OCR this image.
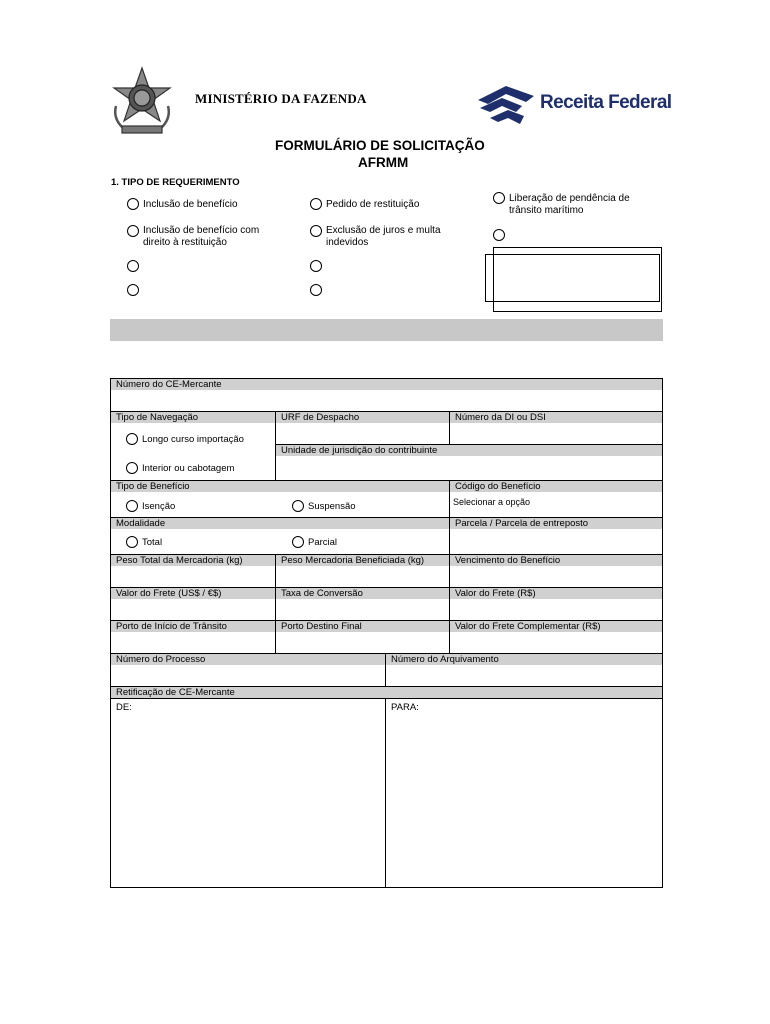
MINISTÉRIO DA FAZENDA	Receita Federal
FORMULÁRIO DE SOLICITAÇÃO
AFRMM
1. TIPO DE REQUERIMENTO
Inclusão de benefício	Pedido de restituição
Liberação de pendência de
trânsito marítimo
Inclusão de benefício com
direito à restituição
Exclusão de juros e multa
indevidos
Número do CE-Mercante
Tipo de Navegação	URF de Despacho	Número da DI ou DSI
Unidade de jurisdição do contribuinte
Longo curso importação
Interior ou cabotagem
Tipo de Benefício	Código do Benefício
Isenção	Suspensão	Selecionar a opção
Modalidade	Parcela / Parcela de entreposto
Total	Parcial
Peso Total da Mercadoria (kg)	Peso Mercadoria Beneficiada (kg)	Vencimento do Benefício
Valor do Frete (US$ / €$)	Taxa de Conversão	Valor do Frete (R$)
Porto de Início de Trânsito	Porto Destino Final	Valor do Frete Complementar (R$)
Número do Processo	Número do Arquivamento
Retificação de CE-Mercante
DE:	PARA:
